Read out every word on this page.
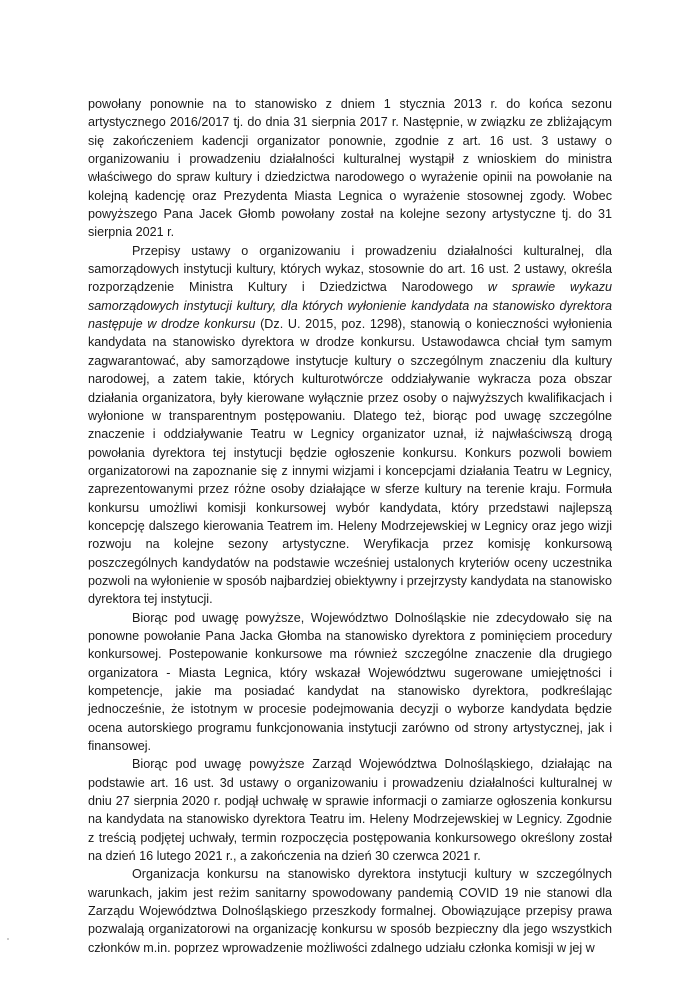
powołany ponownie na to stanowisko z dniem 1 stycznia 2013 r. do końca sezonu artystycznego 2016/2017 tj. do dnia 31 sierpnia 2017 r. Następnie, w związku ze zbliżającym się zakończeniem kadencji organizator ponownie, zgodnie z art. 16 ust. 3 ustawy o organizowaniu i prowadzeniu działalności kulturalnej wystąpił z wnioskiem do ministra właściwego do spraw kultury i dziedzictwa narodowego o wyrażenie opinii na powołanie na kolejną kadencję oraz Prezydenta Miasta Legnica o wyrażenie stosownej zgody. Wobec powyższego Pana Jacek Głomb powołany został na kolejne sezony artystyczne tj. do 31 sierpnia 2021 r.

Przepisy ustawy o organizowaniu i prowadzeniu działalności kulturalnej, dla samorządowych instytucji kultury, których wykaz, stosownie do art. 16 ust. 2 ustawy, określa rozporządzenie Ministra Kultury i Dziedzictwa Narodowego w sprawie wykazu samorządowych instytucji kultury, dla których wyłonienie kandydata na stanowisko dyrektora następuje w drodze konkursu (Dz. U. 2015, poz. 1298), stanowią o konieczności wyłonienia kandydata na stanowisko dyrektora w drodze konkursu. Ustawodawca chciał tym samym zagwarantować, aby samorządowe instytucje kultury o szczególnym znaczeniu dla kultury narodowej, a zatem takie, których kulturotwórcze oddziaływanie wykracza poza obszar działania organizatora, były kierowane wyłącznie przez osoby o najwyższych kwalifikacjach i wyłonione w transparentnym postępowaniu. Dlatego też, biorąc pod uwagę szczególne znaczenie i oddziaływanie Teatru w Legnicy organizator uznał, iż najwłaściwszą drogą powołania dyrektora tej instytucji będzie ogłoszenie konkursu. Konkurs pozwoli bowiem organizatorowi na zapoznanie się z innymi wizjami i koncepcjami działania Teatru w Legnicy, zaprezentowanymi przez różne osoby działające w sferze kultury na terenie kraju. Formuła konkursu umożliwi komisji konkursowej wybór kandydata, który przedstawi najlepszą koncepcję dalszego kierowania Teatrem im. Heleny Modrzejewskiej w Legnicy oraz jego wizji rozwoju na kolejne sezony artystyczne. Weryfikacja przez komisję konkursową poszczególnych kandydatów na podstawie wcześniej ustalonych kryteriów oceny uczestnika pozwoli na wyłonienie w sposób najbardziej obiektywny i przejrzysty kandydata na stanowisko dyrektora tej instytucji.

Biorąc pod uwagę powyższe, Województwo Dolnośląskie nie zdecydowało się na ponowne powołanie Pana Jacka Głomba na stanowisko dyrektora z pominięciem procedury konkursowej. Postepowanie konkursowe ma również szczególne znaczenie dla drugiego organizatora - Miasta Legnica, który wskazał Województwu sugerowane umiejętności i kompetencje, jakie ma posiadać kandydat na stanowisko dyrektora, podkreślając jednocześnie, że istotnym w procesie podejmowania decyzji o wyborze kandydata będzie ocena autorskiego programu funkcjonowania instytucji zarówno od strony artystycznej, jak i finansowej.

Biorąc pod uwagę powyższe Zarząd Województwa Dolnośląskiego, działając na podstawie art. 16 ust. 3d ustawy o organizowaniu i prowadzeniu działalności kulturalnej w dniu 27 sierpnia 2020 r. podjął uchwałę w sprawie informacji o zamiarze ogłoszenia konkursu na kandydata na stanowisko dyrektora Teatru im. Heleny Modrzejewskiej w Legnicy. Zgodnie z treścią podjętej uchwały, termin rozpoczęcia postępowania konkursowego określony został na dzień 16 lutego 2021 r., a zakończenia na dzień 30 czerwca 2021 r.

Organizacja konkursu na stanowisko dyrektora instytucji kultury w szczególnych warunkach, jakim jest reżim sanitarny spowodowany pandemią COVID 19 nie stanowi dla Zarządu Województwa Dolnośląskiego przeszkody formalnej. Obowiązujące przepisy prawa pozwalają organizatorowi na organizację konkursu w sposób bezpieczny dla jego wszystkich członków m.in. poprzez wprowadzenie możliwości zdalnego udziału członka komisji w jej w
